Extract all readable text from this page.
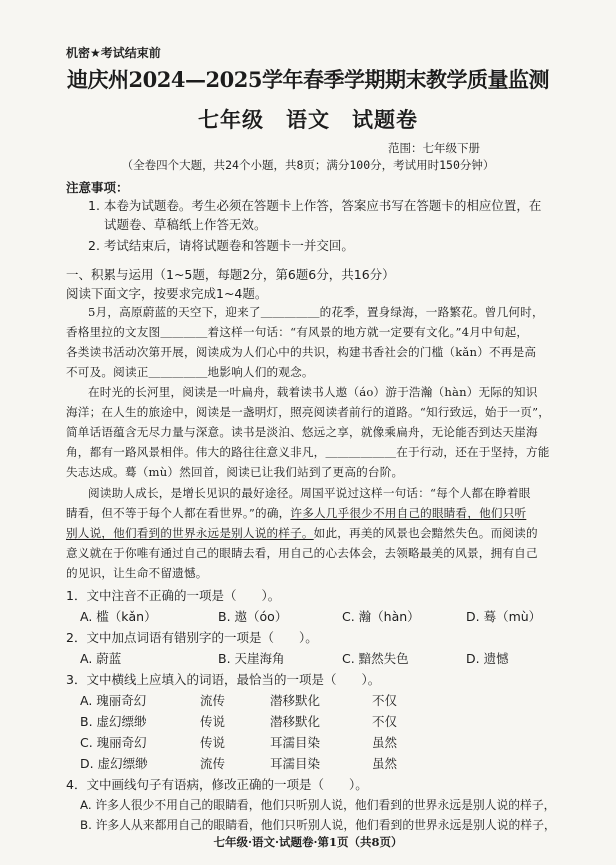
机密★考试结束前
迪庆州2024—2025学年春季学期期末教学质量监测
七年级　语文　试题卷
范围：七年级下册
（全卷四个大题，共24个小题，共8页；满分100分，考试用时150分钟）
注意事项：
1. 本卷为试题卷。考生必须在答题卡上作答，答案应书写在答题卡的相应位置，在
试题卷、草稿纸上作答无效。
2. 考试结束后，请将试题卷和答题卡一并交回。
一、积累与运用（1~5题，每题2分，第6题6分，共16分）
阅读下面文字，按要求完成1~4题。
5月，高原蔚蓝的天空下，迎来了＿＿＿＿＿的花季，置身绿海，一路繁花。曾几何时，
香格里拉的文友图＿＿＿＿着这样一句话：“有风景的地方就一定要有文化。”4月中旬起，
各类读书活动次第开展，阅读成为人们心中的共识，构建书香社会的门槛（kǎn）不再是高
不可及。阅读正＿＿＿＿＿地影响人们的观念。
在时光的长河里，阅读是一叶扁舟，载着读书人遨（áo）游于浩瀚（hàn）无际的知识
海洋；在人生的旅途中，阅读是一盏明灯，照亮阅读者前行的道路。“知行致远，始于一页”，
简单话语蕴含无尽力量与深意。读书是淡泊、悠远之享，就像乘扁舟，无论能否到达天崖海
角，都有一路风景相伴。伟大的路往往意义非凡，＿＿＿＿＿＿在于行动，还在于坚持，方能
失志达成。蓦（mù）然回首，阅读已让我们站到了更高的台阶。
阅读助人成长，是增长见识的最好途径。周国平说过这样一句话：“每个人都在睁着眼
睛看，但不等于每个人都在看世界。”的确，许多人几乎很少不用自己的眼睛看，他们只听
别人说，他们看到的世界永远是别人说的样子。如此，再美的风景也会黯然失色。而阅读的
意义就在于你唯有通过自己的眼睛去看，用自己的心去体会，去领略最美的风景，拥有自己
的见识，让生命不留遗憾。
1．文中注音不正确的一项是（　　）。
A. 槛（kǎn）	B. 遨（óo）	C. 瀚（hàn）	D. 蓦（mù）
2．文中加点词语有错别字的一项是（　　）。
A. 蔚蓝	B. 天崖海角	C. 黯然失色	D. 遗憾
3．文中横线上应填入的词语，最恰当的一项是（　　）。
A. 瑰丽奇幻	流传	潜移默化	不仅
B. 虚幻缥缈	传说	潜移默化	不仅
C. 瑰丽奇幻	传说	耳濡目染	虽然
D. 虚幻缥缈	流传	耳濡目染	虽然
4．文中画线句子有语病，修改正确的一项是（　　）。
A. 许多人很少不用自己的眼睛看，他们只听别人说，他们看到的世界永远是别人说的样子，
B. 许多人从来都用自己的眼睛看，他们只听别人说，他们看到的世界永远是别人说的样子，
七年级·语文·试题卷·第1页（共8页）
